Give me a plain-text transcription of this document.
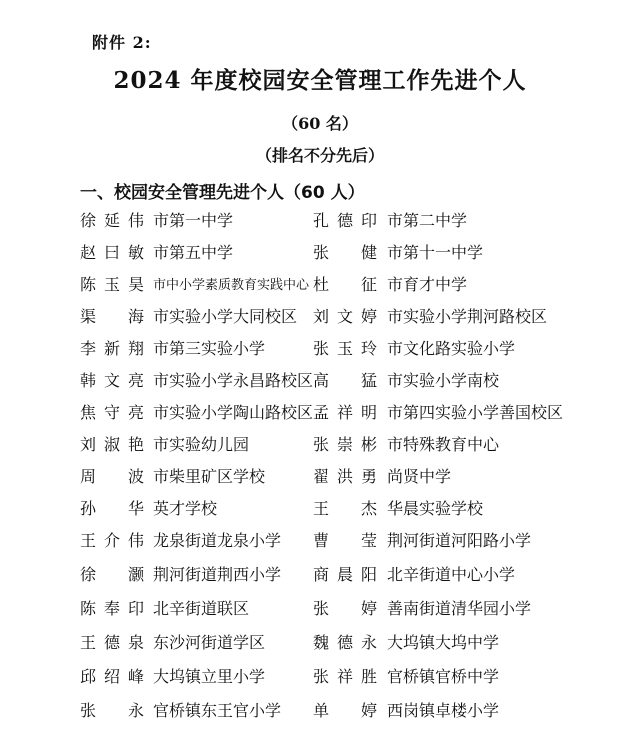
附件 2:
2024 年度校园安全管理工作先进个人
（60 名）
（排名不分先后）
一、校园安全管理先进个人（60 人）
徐延伟 市第一中学	孔德印 市第二中学
赵曰敏 市第五中学	张 健 市第十一中学
陈玉昊 市中小学素质教育实践中心 杜 征 市育才中学
渠 海 市实验小学大同校区 刘文婷 市实验小学荆河路校区
李新翔 市第三实验小学	张玉玲 市文化路实验小学
韩文亮 市实验小学永昌路校区 高 猛 市实验小学南校
焦守亮 市实验小学陶山路校区 孟祥明 市第四实验小学善国校区
刘淑艳 市实验幼儿园	张崇彬 市特殊教育中心
周 波 市柴里矿区学校	翟洪勇 尚贤中学
孙 华 英才学校	王 杰 华晨实验学校
王介伟 龙泉街道龙泉小学 曹 莹 荆河街道河阳路小学
徐 灏 荆河街道荆西小学 商晨阳 北辛街道中心小学
陈奉印 北辛街道联区	张 婷 善南街道清华园小学
王德泉 东沙河街道学区	魏德永 大坞镇大坞中学
邱绍峰 大坞镇立里小学	张祥胜 官桥镇官桥中学
张 永 官桥镇东王官小学 单 婷 西岗镇卓楼小学
